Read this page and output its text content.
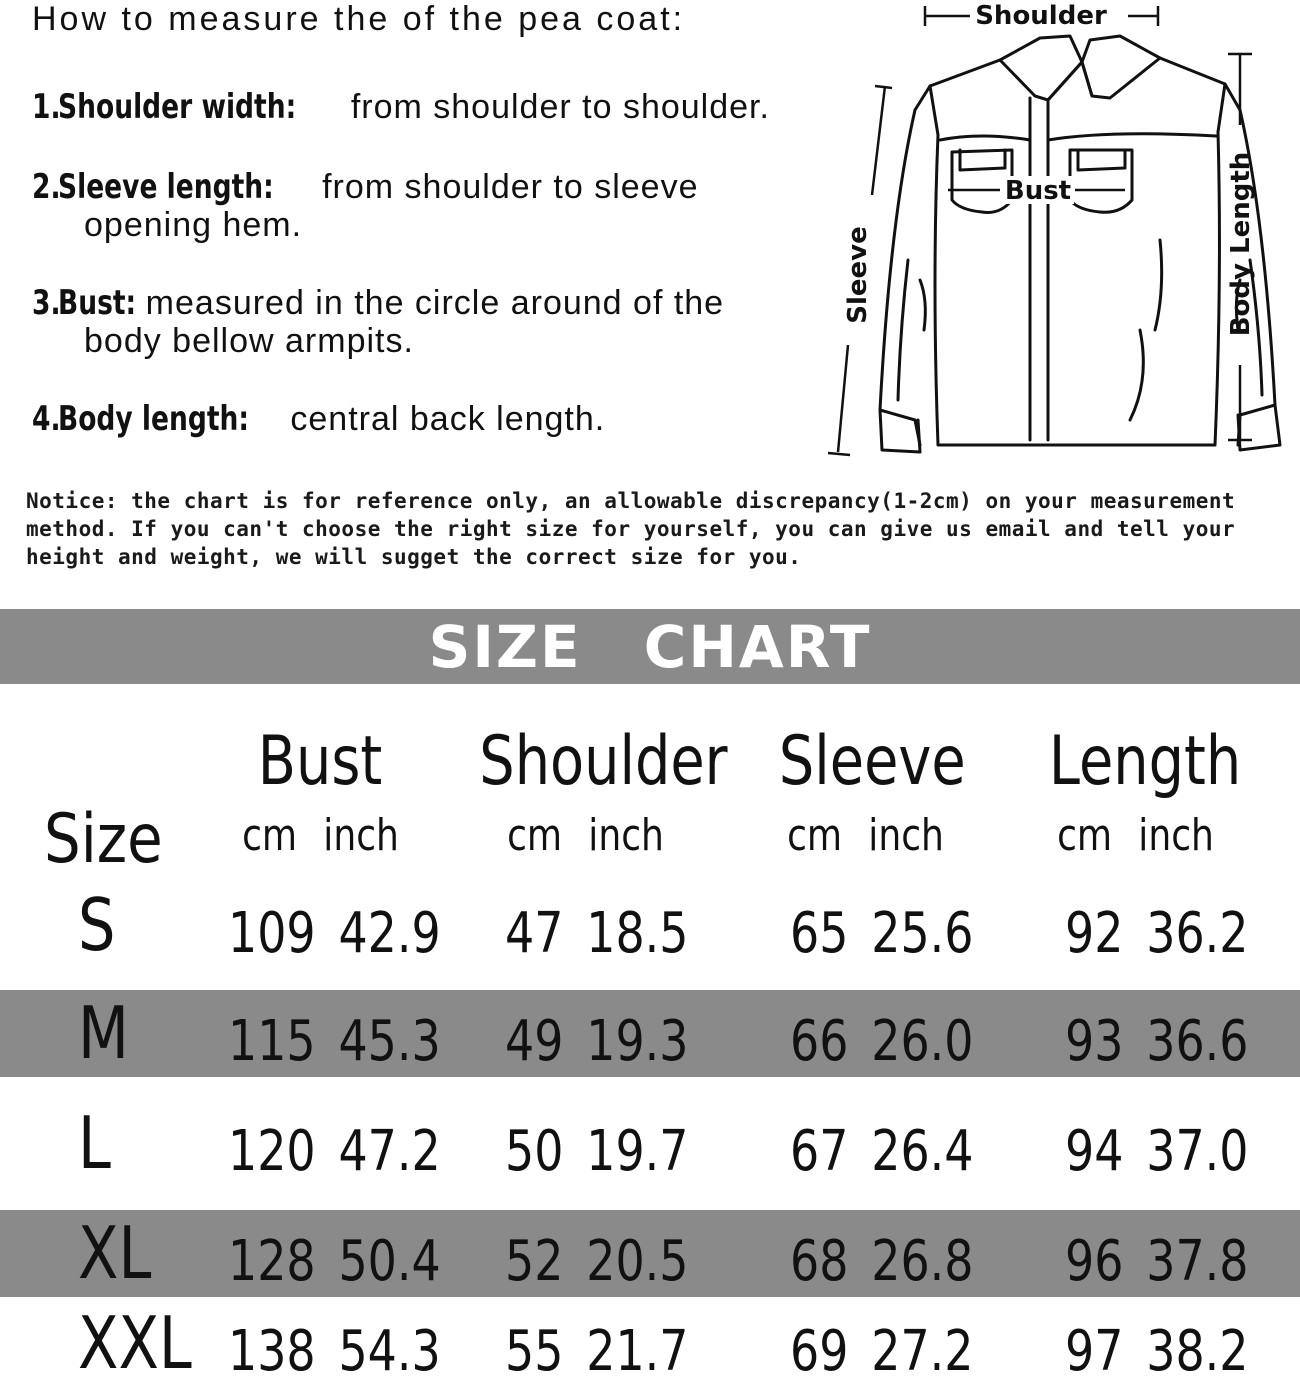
How to measure the of the pea coat:
1.Shoulder width: from shoulder to shoulder.
2.Sleeve length: from shoulder to sleeve
opening hem.
3.Bust: measured in the circle around of the
body bellow armpits.
4.Body length: central back length.
Shoulder
Bust
Sleeve	Body Length
Notice: the chart is for reference only, an allowable discrepancy(1-2cm) on your measurement
method. If you can't choose the right size for yourself, you can give us email and tell your
height and weight, we will sugget the correct size for you.
SIZE CHART
Size
Bust Shoulder Sleeve Length
cm inch cm inch	cm inch	cm inch
S 109 42.9 47 18.5 65 25.6 92 36.2
M 115 45.3 49 19.3 66 26.0 93 36.6
L 120 47.2 50 19.7 67 26.4 94 37.0
XL 128 50.4 52 20.5 68 26.8 96 37.8
XXL 138 54.3 55 21.7 69 27.2 97 38.2
